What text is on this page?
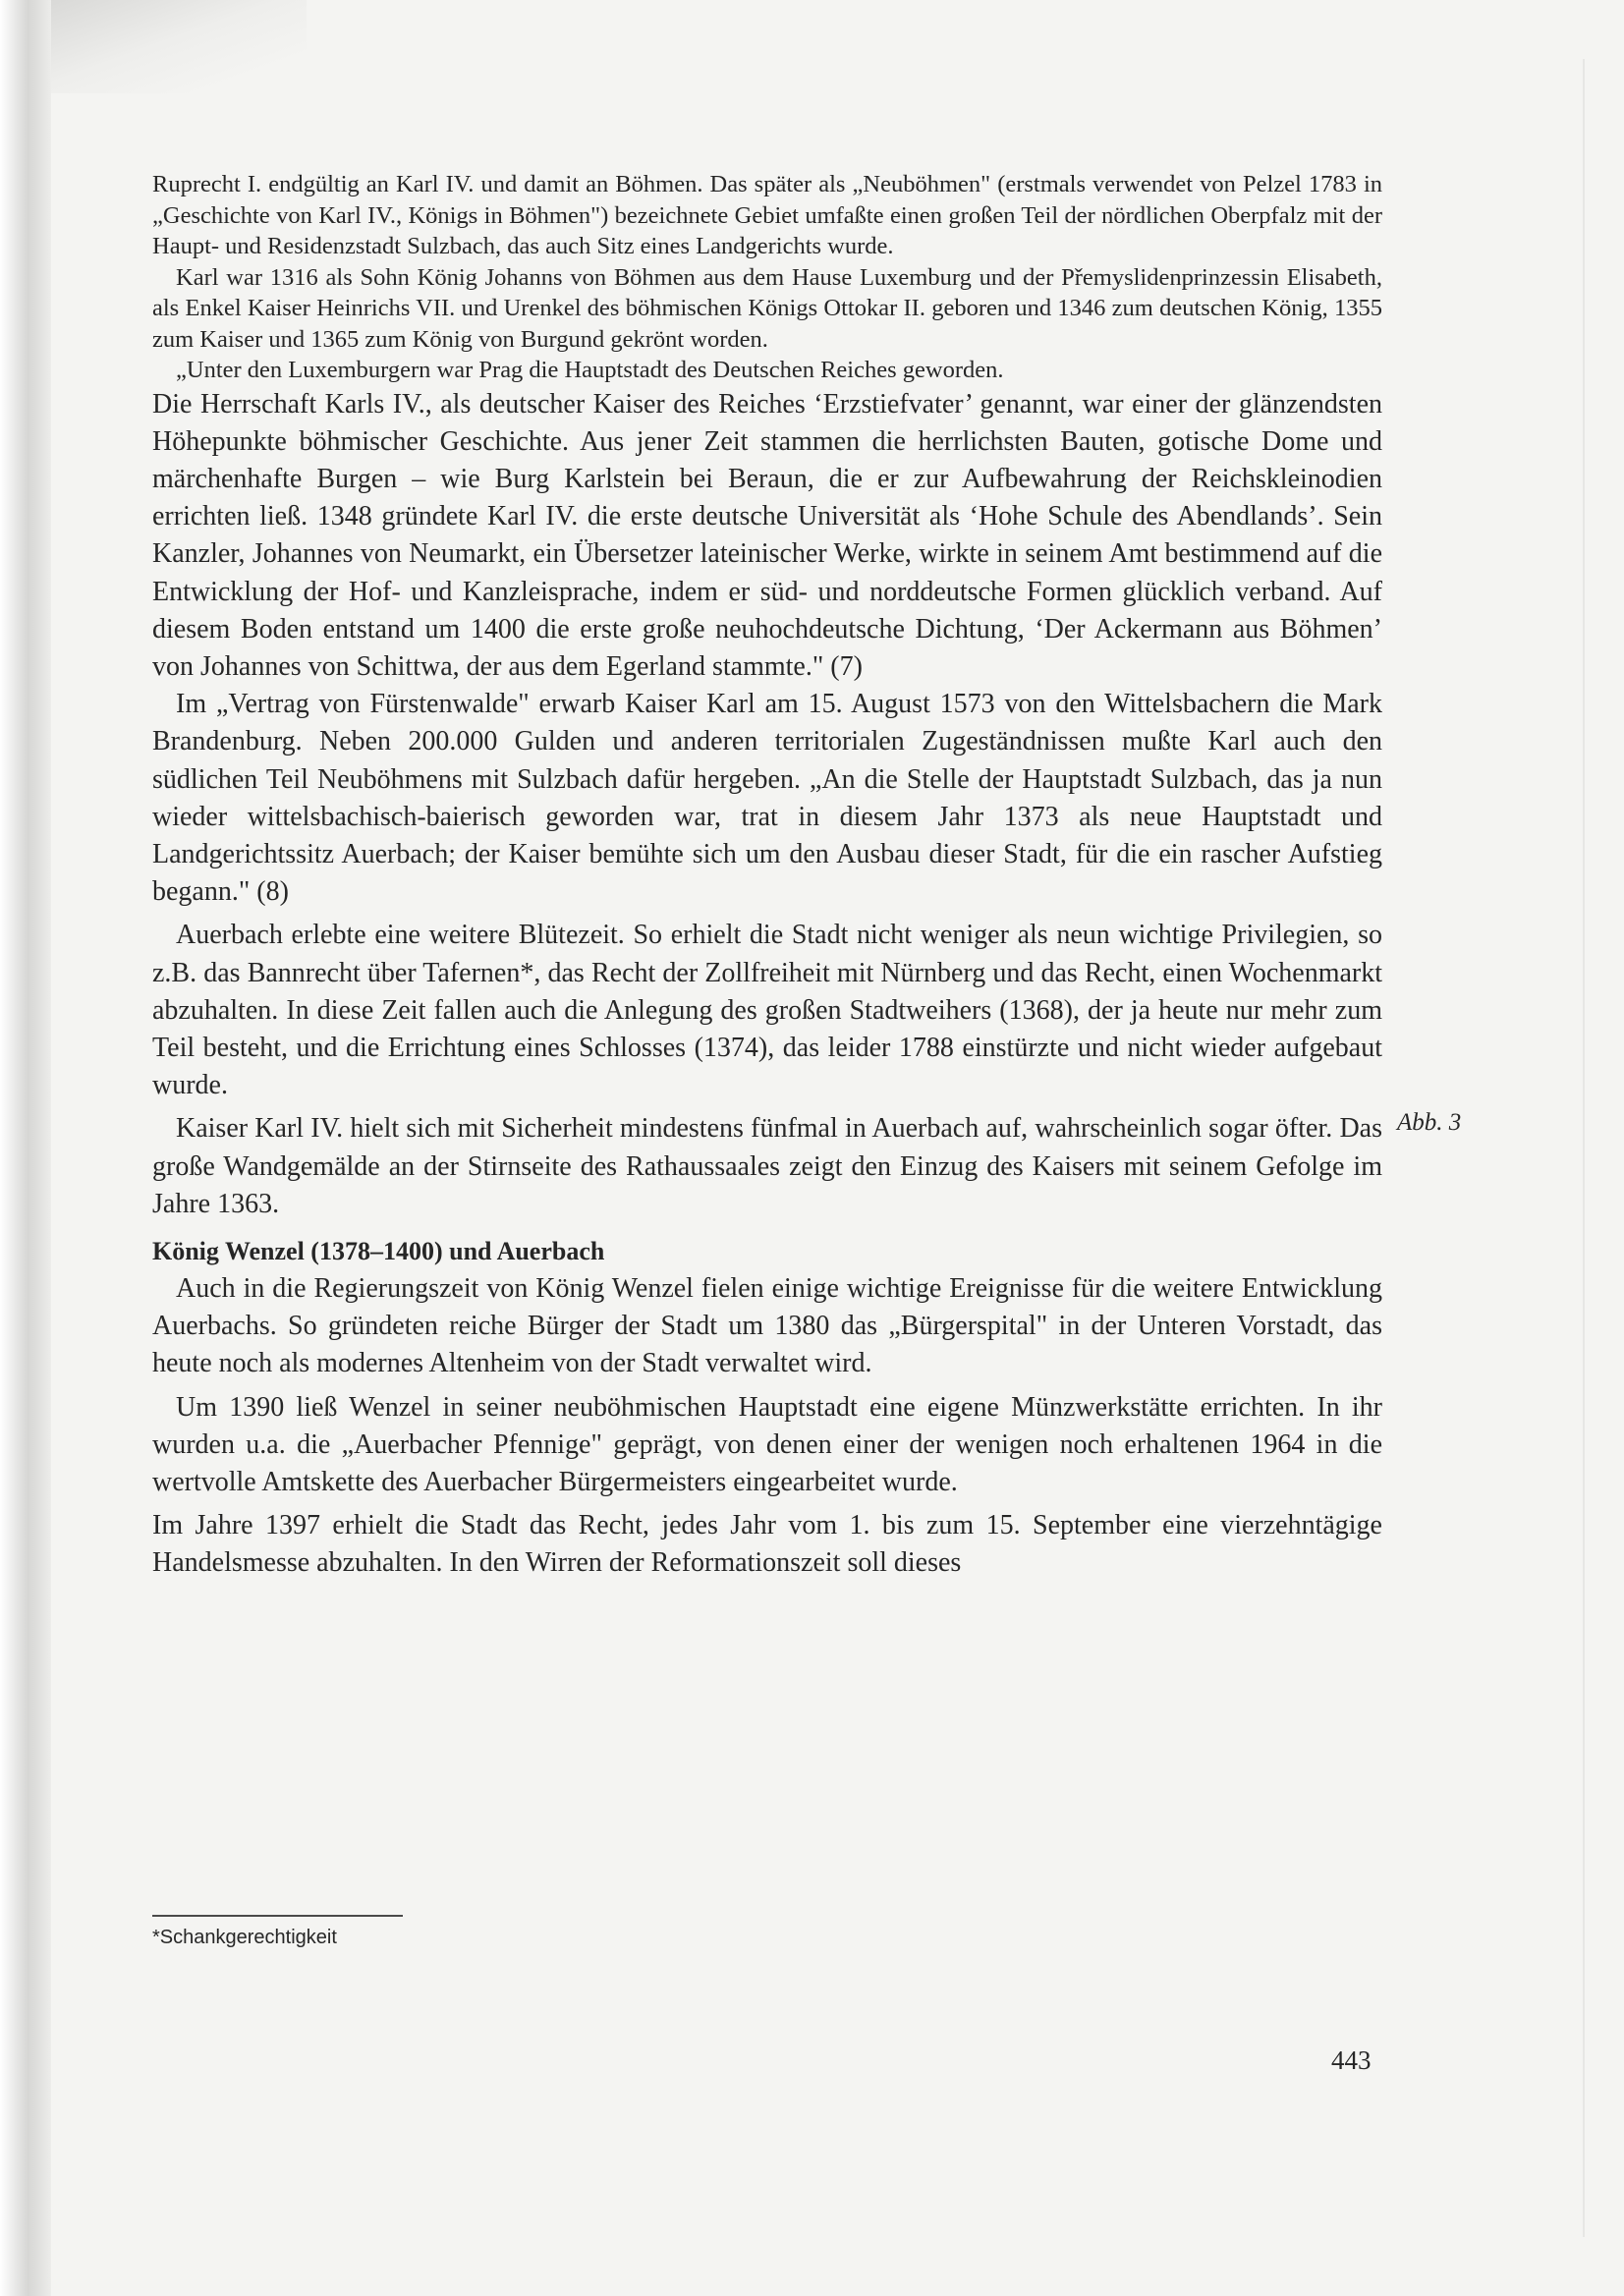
Ruprecht I. endgültig an Karl IV. und damit an Böhmen. Das später als „Neuböhmen" (erstmals verwendet von Pelzel 1783 in „Geschichte von Karl IV., Königs in Böhmen") bezeichnete Gebiet umfaßte einen großen Teil der nördlichen Oberpfalz mit der Haupt- und Residenzstadt Sulzbach, das auch Sitz eines Landgerichts wurde.

Karl war 1316 als Sohn König Johanns von Böhmen aus dem Hause Luxemburg und der Přemyslidenprinzessin Elisabeth, als Enkel Kaiser Heinrichs VII. und Urenkel des böhmischen Königs Ottokar II. geboren und 1346 zum deutschen König, 1355 zum Kaiser und 1365 zum König von Burgund gekrönt worden.

„Unter den Luxemburgern war Prag die Hauptstadt des Deutschen Reiches geworden.

Die Herrschaft Karls IV., als deutscher Kaiser des Reiches ‘Erzstiefvater’ genannt, war einer der glänzendsten Höhepunkte böhmischer Geschichte. Aus jener Zeit stammen die herrlichsten Bauten, gotische Dome und märchenhafte Burgen – wie Burg Karlstein bei Beraun, die er zur Aufbewahrung der Reichskleinodien errichten ließ. 1348 gründete Karl IV. die erste deutsche Universität als ‘Hohe Schule des Abendlands’. Sein Kanzler, Johannes von Neumarkt, ein Übersetzer lateinischer Werke, wirkte in seinem Amt bestimmend auf die Entwicklung der Hof- und Kanzleisprache, indem er süd- und norddeutsche Formen glücklich verband. Auf diesem Boden entstand um 1400 die erste große neuhochdeutsche Dichtung, ‘Der Ackermann aus Böhmen’ von Johannes von Schittwa, der aus dem Egerland stammte." (7)

Im „Vertrag von Fürstenwalde" erwarb Kaiser Karl am 15. August 1573 von den Wittelsbachern die Mark Brandenburg. Neben 200.000 Gulden und anderen territorialen Zugeständnissen mußte Karl auch den südlichen Teil Neuböhmens mit Sulzbach dafür hergeben. „An die Stelle der Hauptstadt Sulzbach, das ja nun wieder wittelsbachisch-baierisch geworden war, trat in diesem Jahr 1373 als neue Hauptstadt und Landgerichtssitz Auerbach; der Kaiser bemühte sich um den Ausbau dieser Stadt, für die ein rascher Aufstieg begann." (8)

Auerbach erlebte eine weitere Blütezeit. So erhielt die Stadt nicht weniger als neun wichtige Privilegien, so z.B. das Bannrecht über Tafernen*, das Recht der Zollfreiheit mit Nürnberg und das Recht, einen Wochenmarkt abzuhalten. In diese Zeit fallen auch die Anlegung des großen Stadtweihers (1368), der ja heute nur mehr zum Teil besteht, und die Errichtung eines Schlosses (1374), das leider 1788 einstürzte und nicht wieder aufgebaut wurde.

Kaiser Karl IV. hielt sich mit Sicherheit mindestens fünfmal in Auerbach auf, wahrscheinlich sogar öfter. Das große Wandgemälde an der Stirnseite des Rathaussaales zeigt den Einzug des Kaisers mit seinem Gefolge im Jahre 1363.

König Wenzel (1378–1400) und Auerbach

Auch in die Regierungszeit von König Wenzel fielen einige wichtige Ereignisse für die weitere Entwicklung Auerbachs. So gründeten reiche Bürger der Stadt um 1380 das „Bürgerspital" in der Unteren Vorstadt, das heute noch als modernes Altenheim von der Stadt verwaltet wird.

Um 1390 ließ Wenzel in seiner neuböhmischen Hauptstadt eine eigene Münzwerkstätte errichten. In ihr wurden u.a. die „Auerbacher Pfennige" geprägt, von denen einer der wenigen noch erhaltenen 1964 in die wertvolle Amtskette des Auerbacher Bürgermeisters eingearbeitet wurde.

Im Jahre 1397 erhielt die Stadt das Recht, jedes Jahr vom 1. bis zum 15. September eine vierzehntägige Handelsmesse abzuhalten. In den Wirren der Reformationszeit soll dieses

Abb. 3
*Schankgerechtigkeit
443
